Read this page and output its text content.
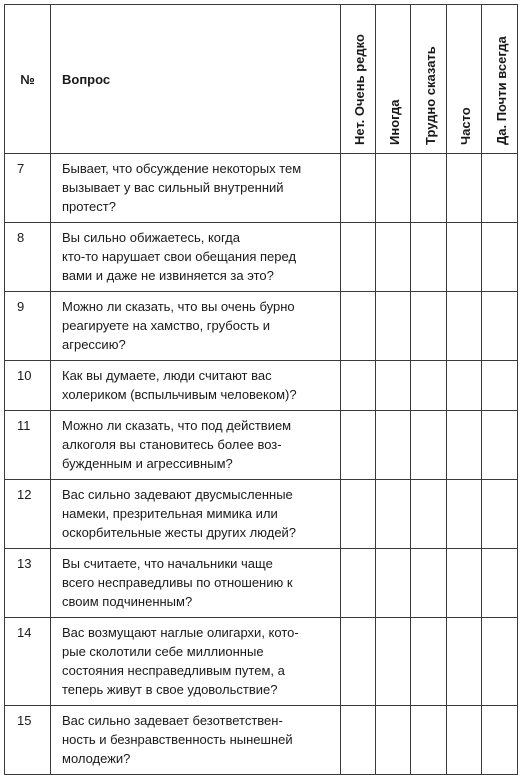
№	Вопрос	Нет. Очень редко	Иногда	Трудно сказать	Часто	Да. Почти всегда

7	Бывает, что обсуждение некоторых тем
вызывает у вас сильный внутренний
протест?					

8	Вы сильно обижаетесь, когда
кто-то нарушает свои обещания перед
вами и даже не извиняется за это?					

9	Можно ли сказать, что вы очень бурно
реагируете на хамство, грубость и
агрессию?					

10	Как вы думаете, люди считают вас
холериком (вспыльчивым человеком)?					

11	Можно ли сказать, что под действием
алкоголя вы становитесь более воз-
бужденным и агрессивным?					

12	Вас сильно задевают двусмысленные
намеки, презрительная мимика или
оскорбительные жесты других людей?					

13	Вы считаете, что начальники чаще
всего несправедливы по отношению к
своим подчиненным?					

14	Вас возмущают наглые олигархи, кото-
рые сколотили себе миллионные
состояния несправедливым путем, а
теперь живут в свое удовольствие?					

15	Вас сильно задевает безответствен-
ность и безнравственность нынешней
молодежи?					
